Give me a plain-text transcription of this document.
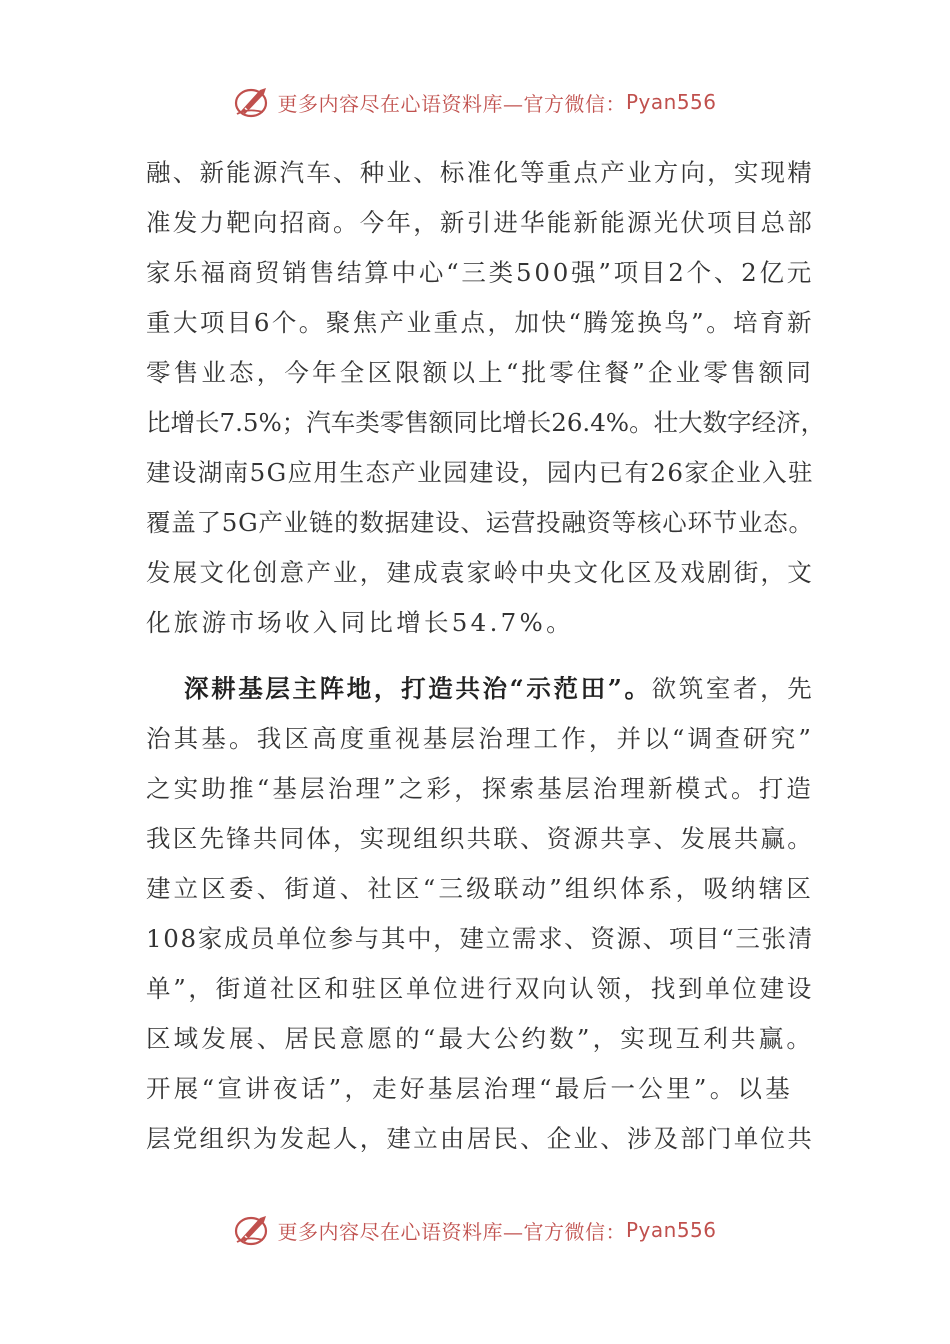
更多内容尽在心语资料库—官方微信： Pyan556
融、新能源汽车、种业、标准化等重点产业方向，实现精
准发力靶向招商。今年，新引进华能新能源光伏项目总部
家乐福商贸销售结算中心“三类500强”项目2个、2亿元
重大项目6个。聚焦产业重点，加快“腾笼换鸟”。培育新
零售业态，今年全区限额以上“批零住餐”企业零售额同
比增长7.5%；汽车类零售额同比增长26.4%。壮大数字经济，
建设湖南5G应用生态产业园建设，园内已有26家企业入驻
覆盖了5G产业链的数据建设、运营投融资等核心环节业态。
发展文化创意产业，建成袁家岭中央文化区及戏剧街，文
化旅游市场收入同比增长54.7%。
深耕基层主阵地，打造共治“示范田”。欲筑室者，先
治其基。我区高度重视基层治理工作，并以“调查研究”
之实助推“基层治理”之彩，探索基层治理新模式。打造
我区先锋共同体，实现组织共联、资源共享、发展共赢。
建立区委、街道、社区“三级联动”组织体系，吸纳辖区
108家成员单位参与其中，建立需求、资源、项目“三张清
单”，街道社区和驻区单位进行双向认领，找到单位建设
区域发展、居民意愿的“最大公约数”，实现互利共赢。
开展“宣讲夜话”，走好基层治理“最后一公里”。以基
层党组织为发起人，建立由居民、企业、涉及部门单位共
更多内容尽在心语资料库—官方微信： Pyan556
